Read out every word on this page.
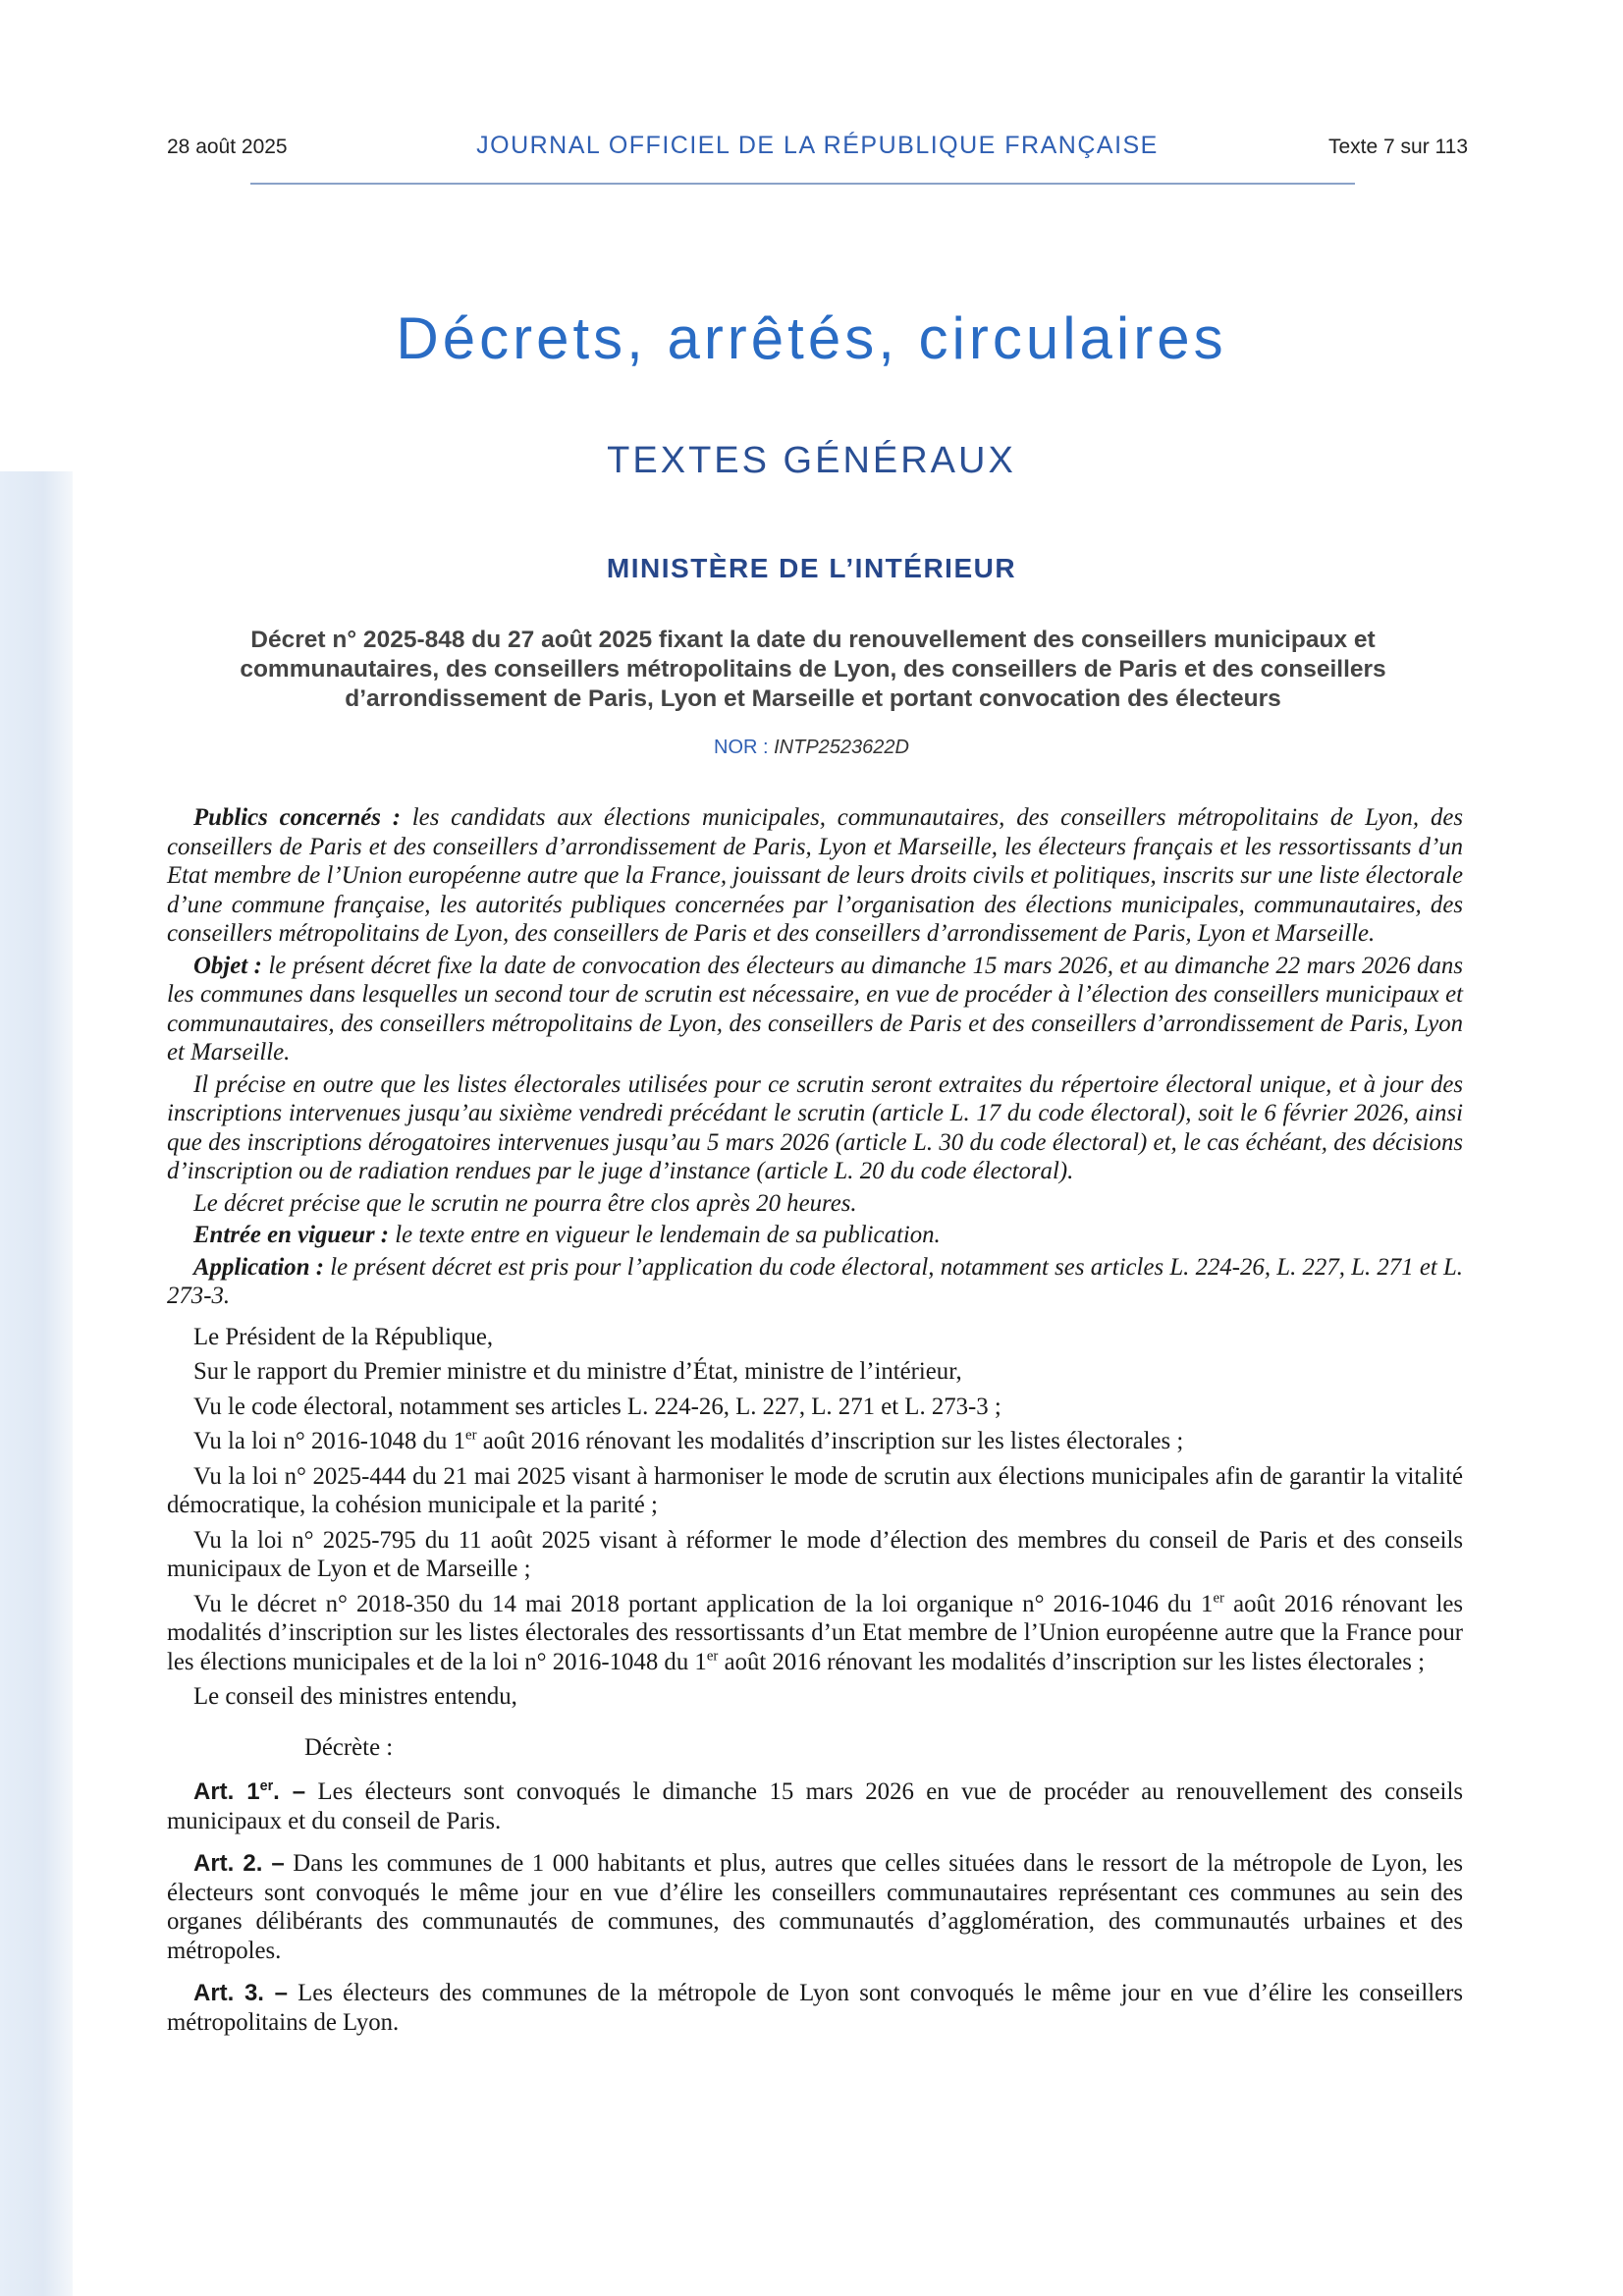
28 août 2025	JOURNAL OFFICIEL DE LA RÉPUBLIQUE FRANÇAISE	Texte 7 sur 113
Décrets, arrêtés, circulaires
TEXTES GÉNÉRAUX
MINISTÈRE DE L’INTÉRIEUR
Décret n° 2025-848 du 27 août 2025 fixant la date du renouvellement des conseillers municipaux et communautaires, des conseillers métropolitains de Lyon, des conseillers de Paris et des conseillers d’arrondissement de Paris, Lyon et Marseille et portant convocation des électeurs
NOR : INTP2523622D

Publics concernés : les candidats aux élections municipales, communautaires, des conseillers métropolitains de Lyon, des conseillers de Paris et des conseillers d’arrondissement de Paris, Lyon et Marseille, les électeurs français et les ressortissants d’un Etat membre de l’Union européenne autre que la France, jouissant de leurs droits civils et politiques, inscrits sur une liste électorale d’une commune française, les autorités publiques concernées par l’organisation des élections municipales, communautaires, des conseillers métropolitains de Lyon, des conseillers de Paris et des conseillers d’arrondissement de Paris, Lyon et Marseille.

Objet : le présent décret fixe la date de convocation des électeurs au dimanche 15 mars 2026, et au dimanche 22 mars 2026 dans les communes dans lesquelles un second tour de scrutin est nécessaire, en vue de procéder à l’élection des conseillers municipaux et communautaires, des conseillers métropolitains de Lyon, des conseillers de Paris et des conseillers d’arrondissement de Paris, Lyon et Marseille.

Il précise en outre que les listes électorales utilisées pour ce scrutin seront extraites du répertoire électoral unique, et à jour des inscriptions intervenues jusqu’au sixième vendredi précédant le scrutin (article L. 17 du code électoral), soit le 6 février 2026, ainsi que des inscriptions dérogatoires intervenues jusqu’au 5 mars 2026 (article L. 30 du code électoral) et, le cas échéant, des décisions d’inscription ou de radiation rendues par le juge d’instance (article L. 20 du code électoral).

Le décret précise que le scrutin ne pourra être clos après 20 heures.

Entrée en vigueur : le texte entre en vigueur le lendemain de sa publication.

Application : le présent décret est pris pour l’application du code électoral, notamment ses articles L. 224-26, L. 227, L. 271 et L. 273-3.

Le Président de la République,

Sur le rapport du Premier ministre et du ministre d’État, ministre de l’intérieur,

Vu le code électoral, notamment ses articles L. 224-26, L. 227, L. 271 et L. 273-3 ;

Vu la loi n° 2016-1048 du 1er août 2016 rénovant les modalités d’inscription sur les listes électorales ;

Vu la loi n° 2025-444 du 21 mai 2025 visant à harmoniser le mode de scrutin aux élections municipales afin de garantir la vitalité démocratique, la cohésion municipale et la parité ;

Vu la loi n° 2025-795 du 11 août 2025 visant à réformer le mode d’élection des membres du conseil de Paris et des conseils municipaux de Lyon et de Marseille ;

Vu le décret n° 2018-350 du 14 mai 2018 portant application de la loi organique n° 2016-1046 du 1er août 2016 rénovant les modalités d’inscription sur les listes électorales des ressortissants d’un Etat membre de l’Union européenne autre que la France pour les élections municipales et de la loi n° 2016-1048 du 1er août 2016 rénovant les modalités d’inscription sur les listes électorales ;

Le conseil des ministres entendu,

Décrète :

Art. 1er. – Les électeurs sont convoqués le dimanche 15 mars 2026 en vue de procéder au renouvellement des conseils municipaux et du conseil de Paris.

Art. 2. – Dans les communes de 1 000 habitants et plus, autres que celles situées dans le ressort de la métropole de Lyon, les électeurs sont convoqués le même jour en vue d’élire les conseillers communautaires représentant ces communes au sein des organes délibérants des communautés de communes, des communautés d’agglomération, des communautés urbaines et des métropoles.

Art. 3. – Les électeurs des communes de la métropole de Lyon sont convoqués le même jour en vue d’élire les conseillers métropolitains de Lyon.
